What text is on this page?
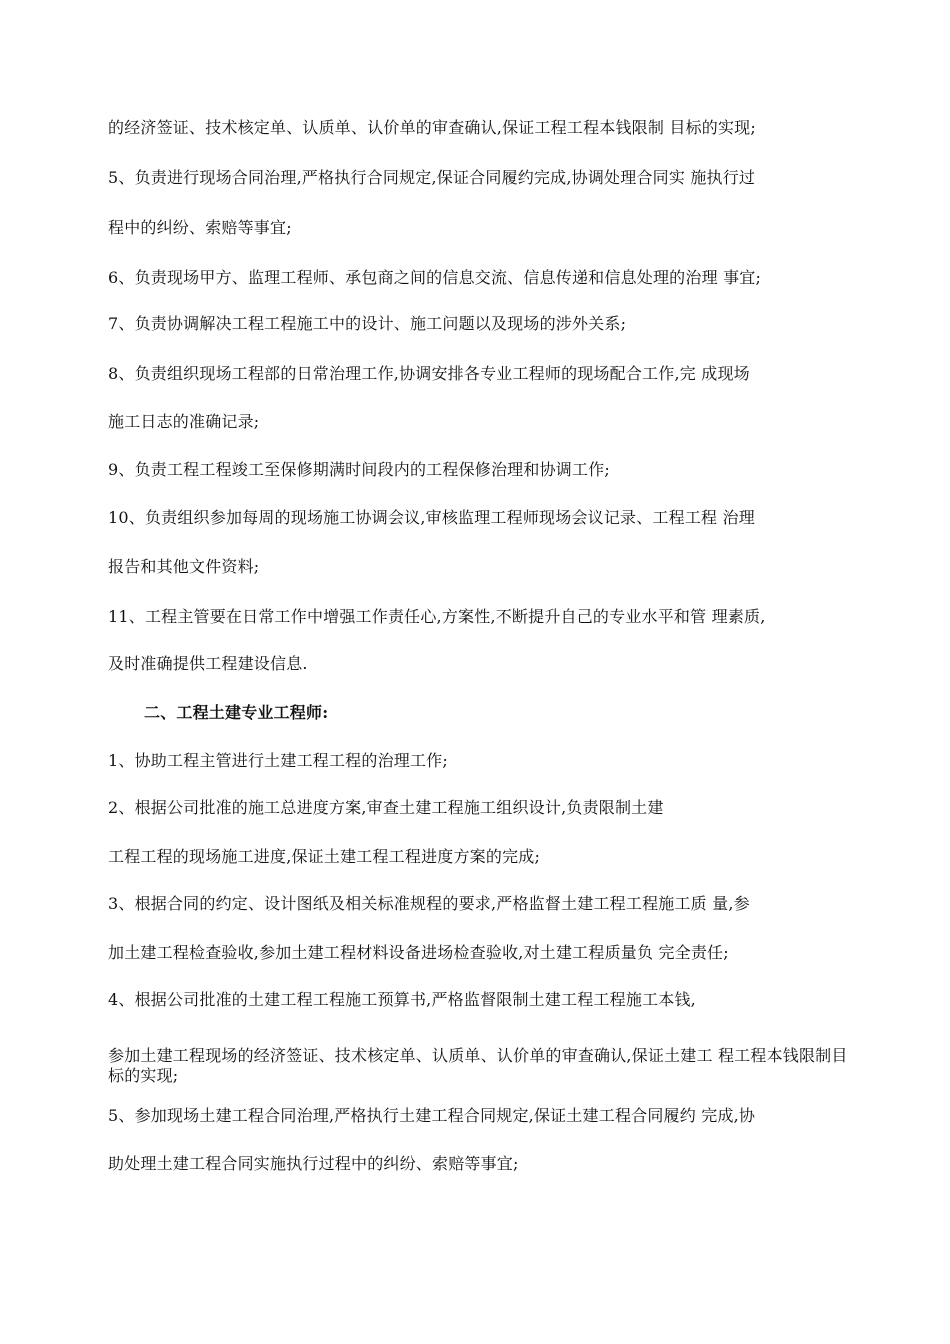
的经济签证、技术核定单、认质单、认价单的审查确认,保证工程工程本钱限制 目标的实现;
5、负责进行现场合同治理,严格执行合同规定,保证合同履约完成,协调处理合同实 施执行过
程中的纠纷、索赔等事宜;
6、负责现场甲方、监理工程师、承包商之间的信息交流、信息传递和信息处理的治理 事宜;
7、负责协调解决工程工程施工中的设计、施工问题以及现场的涉外关系;
8、负责组织现场工程部的日常治理工作,协调安排各专业工程师的现场配合工作,完 成现场
施工日志的准确记录;
9、负责工程工程竣工至保修期满时间段内的工程保修治理和协调工作;
10、负责组织参加每周的现场施工协调会议,审核监理工程师现场会议记录、工程工程 治理
报告和其他文件资料;
11、工程主管要在日常工作中增强工作责任心,方案性,不断提升自己的专业水平和管 理素质,
及时准确提供工程建设信息.
二、工程土建专业工程师:
1、协助工程主管进行土建工程工程的治理工作;
2、根据公司批准的施工总进度方案,审查土建工程施工组织设计,负责限制土建
工程工程的现场施工进度,保证土建工程工程进度方案的完成;
3、根据合同的约定、设计图纸及相关标准规程的要求,严格监督土建工程工程施工质 量,参
加土建工程检查验收,参加土建工程材料设备进场检查验收,对土建工程质量负 完全责任;
4、根据公司批准的土建工程工程施工预算书,严格监督限制土建工程工程施工本钱,
参加土建工程现场的经济签证、技术核定单、认质单、认价单的审查确认,保证土建工 程工程本钱限制目标的实现;
5、参加现场土建工程合同治理,严格执行土建工程合同规定,保证土建工程合同履约 完成,协
助处理土建工程合同实施执行过程中的纠纷、索赔等事宜;
